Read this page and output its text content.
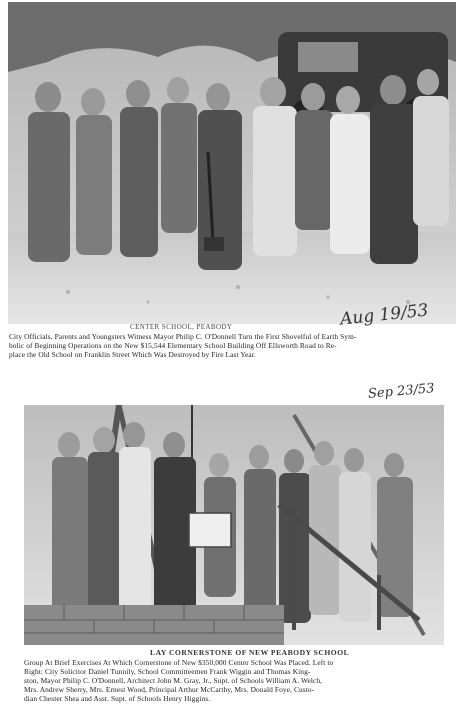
Aug 19/53
CENTER SCHOOL, PEABODY
City Officials, Parents and Youngsters Witness Mayor Philip C. O'Donnell Turn the First Shovelful of Earth Sym-
bolic of Beginning Operations on the New $15,544 Elementary School Building Off Ellsworth Road to Re-
place the Old School on Franklin Street Which Was Destroyed by Fire Last Year.
Sep 23/53
LAY CORNERSTONE OF NEW PEABODY SCHOOL
Group At Brief Exercises At Which Cornerstone of New $350,000 Center School Was Placed. Left to
Right: City Solicitor Daniel Tunnily, School Committeemen Frank Wiggin and Thomas King-
ston, Mayor Philip C. O'Donnell, Architect John M. Gray, Jr., Supt. of Schools William A. Welch,
Mrs. Andrew Sherry, Mrs. Ernest Wood, Principal Arthur McCarthy, Mrs. Donald Foye, Custo-
dian Chester Shea and Asst. Supt. of Schools Henry Higgins.
